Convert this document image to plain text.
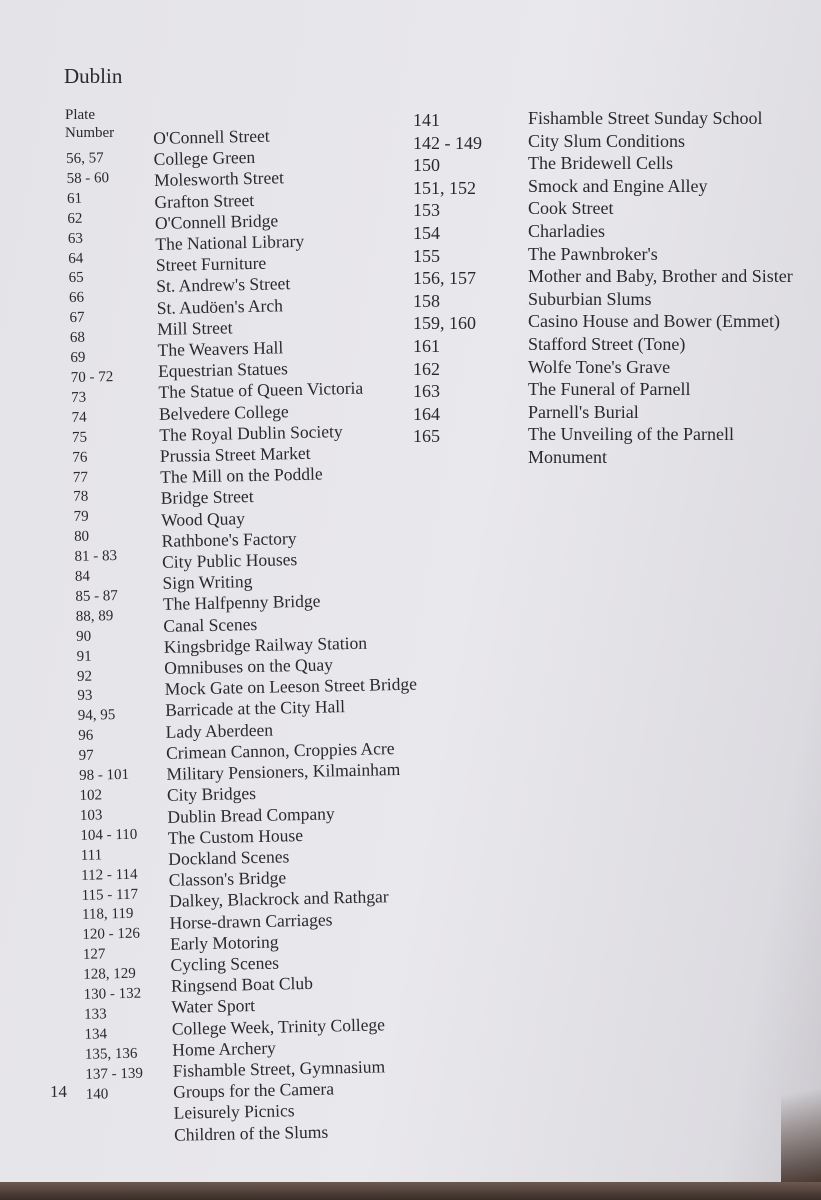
Dublin
Plate
Number
56, 57
58 - 60
61
62
63
64
65
66
67
68
69
70 - 72
73
74
75
76
77
78
79
80
81 - 83
84
85 - 87
88, 89
90
91
92
93
94, 95
96
97
98 - 101
102
103
104 - 110
111
112 - 114
115 - 117
118, 119
120 - 126
127
128, 129
130 - 132
133
134
135, 136
137 - 139
140
O'Connell Street
College Green
Molesworth Street
Grafton Street
O'Connell Bridge
The National Library
Street Furniture
St. Andrew's Street
St. Audöen's Arch
Mill Street
The Weavers Hall
Equestrian Statues
The Statue of Queen Victoria
Belvedere College
The Royal Dublin Society
Prussia Street Market
The Mill on the Poddle
Bridge Street
Wood Quay
Rathbone's Factory
City Public Houses
Sign Writing
The Halfpenny Bridge
Canal Scenes
Kingsbridge Railway Station
Omnibuses on the Quay
Mock Gate on Leeson Street Bridge
Barricade at the City Hall
Lady Aberdeen
Crimean Cannon, Croppies Acre
Military Pensioners, Kilmainham
City Bridges
Dublin Bread Company
The Custom House
Dockland Scenes
Classon's Bridge
Dalkey, Blackrock and Rathgar
Horse-drawn Carriages
Early Motoring
Cycling Scenes
Ringsend Boat Club
Water Sport
College Week, Trinity College
Home Archery
Fishamble Street, Gymnasium
Groups for the Camera
Leisurely Picnics
Children of the Slums
141
142 - 149
150
151, 152
153
154
155
156, 157
158
159, 160
161
162
163
164
165

Fishamble Street Sunday School
City Slum Conditions
The Bridewell Cells
Smock and Engine Alley
Cook Street
Charladies
The Pawnbroker's
Mother and Baby, Brother and Sister
Suburbian Slums
Casino House and Bower (Emmet)
Stafford Street (Tone)
Wolfe Tone's Grave
The Funeral of Parnell
Parnell's Burial
The Unveiling of the Parnell
Monument
14
